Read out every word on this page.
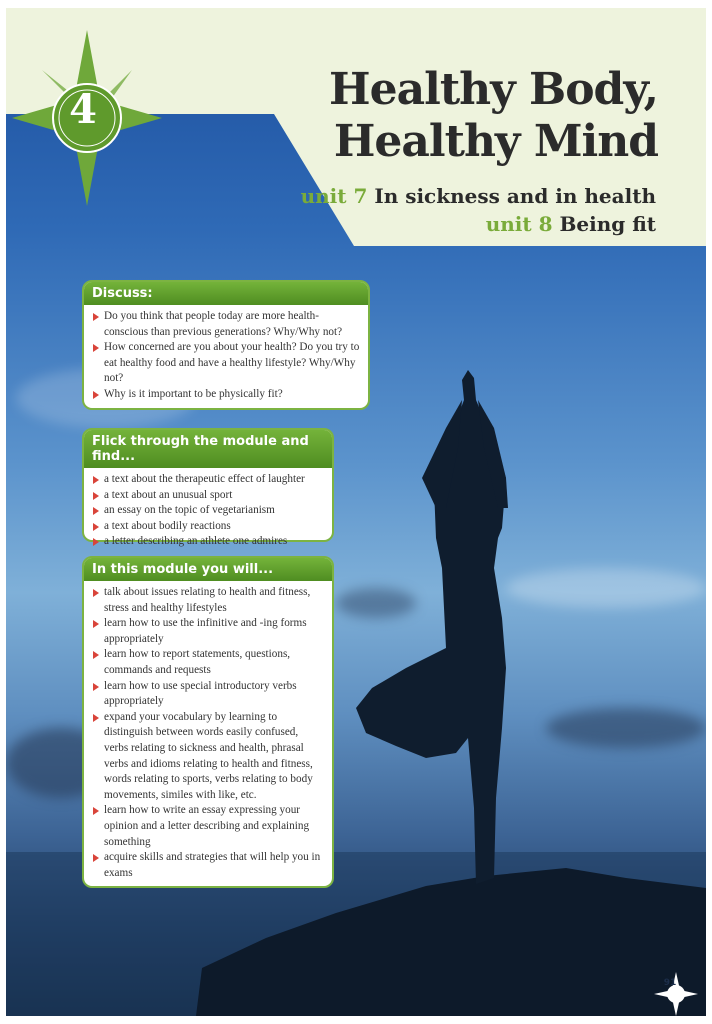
4	Healthy Body,
Healthy Mind
unit 7 In sickness and in health
unit 8 Being fit
Discuss:
Do you think that people today are more health-conscious than previous generations? Why/Why not?
How concerned are you about your health? Do you try to eat healthy food and have a healthy lifestyle? Why/Why not?
Why is it important to be physically fit?
Flick through the module and find...
a text about the therapeutic effect of laughter
a text about an unusual sport
an essay on the topic of vegetarianism
a text about bodily reactions
a letter describing an athlete one admires
In this module you will...
talk about issues relating to health and fitness, stress and healthy lifestyles
learn how to use the infinitive and -ing forms appropriately
learn how to report statements, questions, commands and requests
learn how to use special introductory verbs appropriately
expand your vocabulary by learning to distinguish between words easily confused, verbs relating to sickness and health, phrasal verbs and idioms relating to health and fitness, words relating to sports, verbs relating to body movements, similes with like, etc.
learn how to write an essay expressing your opinion and a letter describing and explaining something
acquire skills and strategies that will help you in exams
91
